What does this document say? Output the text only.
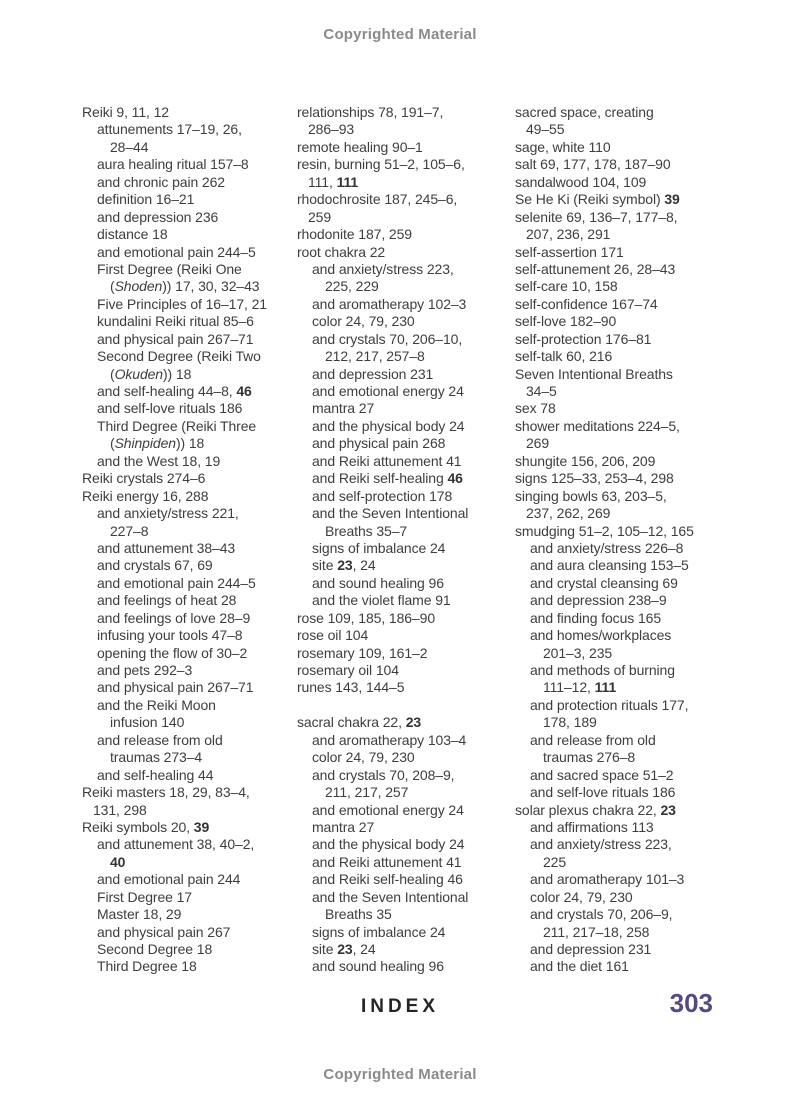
Copyrighted Material
Reiki 9, 11, 12
attunements 17–19, 26,
28–44
aura healing ritual 157–8
and chronic pain 262
definition 16–21
and depression 236
distance 18
and emotional pain 244–5
First Degree (Reiki One
(Shoden)) 17, 30, 32–43
Five Principles of 16–17, 21
kundalini Reiki ritual 85–6
and physical pain 267–71
Second Degree (Reiki Two
(Okuden)) 18
and self-healing 44–8, 46
and self-love rituals 186
Third Degree (Reiki Three
(Shinpiden)) 18
and the West 18, 19
Reiki crystals 274–6
Reiki energy 16, 288
and anxiety/stress 221,
227–8
and attunement 38–43
and crystals 67, 69
and emotional pain 244–5
and feelings of heat 28
and feelings of love 28–9
infusing your tools 47–8
opening the flow of 30–2
and pets 292–3
and physical pain 267–71
and the Reiki Moon
infusion 140
and release from old
traumas 273–4
and self-healing 44
Reiki masters 18, 29, 83–4,
131, 298
Reiki symbols 20, 39
and attunement 38, 40–2,
40
and emotional pain 244
First Degree 17
Master 18, 29
and physical pain 267
Second Degree 18
Third Degree 18
relationships 78, 191–7,
286–93
remote healing 90–1
resin, burning 51–2, 105–6,
111, 111
rhodochrosite 187, 245–6,
259
rhodonite 187, 259
root chakra 22
and anxiety/stress 223,
225, 229
and aromatherapy 102–3
color 24, 79, 230
and crystals 70, 206–10,
212, 217, 257–8
and depression 231
and emotional energy 24
mantra 27
and the physical body 24
and physical pain 268
and Reiki attunement 41
and Reiki self-healing 46
and self-protection 178
and the Seven Intentional
Breaths 35–7
signs of imbalance 24
site 23, 24
and sound healing 96
and the violet flame 91
rose 109, 185, 186–90
rose oil 104
rosemary 109, 161–2
rosemary oil 104
runes 143, 144–5
sacral chakra 22, 23
and aromatherapy 103–4
color 24, 79, 230
and crystals 70, 208–9,
211, 217, 257
and emotional energy 24
mantra 27
and the physical body 24
and Reiki attunement 41
and Reiki self-healing 46
and the Seven Intentional
Breaths 35
signs of imbalance 24
site 23, 24
and sound healing 96
sacred space, creating
49–55
sage, white 110
salt 69, 177, 178, 187–90
sandalwood 104, 109
Se He Ki (Reiki symbol) 39
selenite 69, 136–7, 177–8,
207, 236, 291
self-assertion 171
self-attunement 26, 28–43
self-care 10, 158
self-confidence 167–74
self-love 182–90
self-protection 176–81
self-talk 60, 216
Seven Intentional Breaths
34–5
sex 78
shower meditations 224–5,
269
shungite 156, 206, 209
signs 125–33, 253–4, 298
singing bowls 63, 203–5,
237, 262, 269
smudging 51–2, 105–12, 165
and anxiety/stress 226–8
and aura cleansing 153–5
and crystal cleansing 69
and depression 238–9
and finding focus 165
and homes/workplaces
201–3, 235
and methods of burning
111–12, 111
and protection rituals 177,
178, 189
and release from old
traumas 276–8
and sacred space 51–2
and self-love rituals 186
solar plexus chakra 22, 23
and affirmations 113
and anxiety/stress 223,
225
and aromatherapy 101–3
color 24, 79, 230
and crystals 70, 206–9,
211, 217–18, 258
and depression 231
and the diet 161
INDEX	303
Copyrighted Material
